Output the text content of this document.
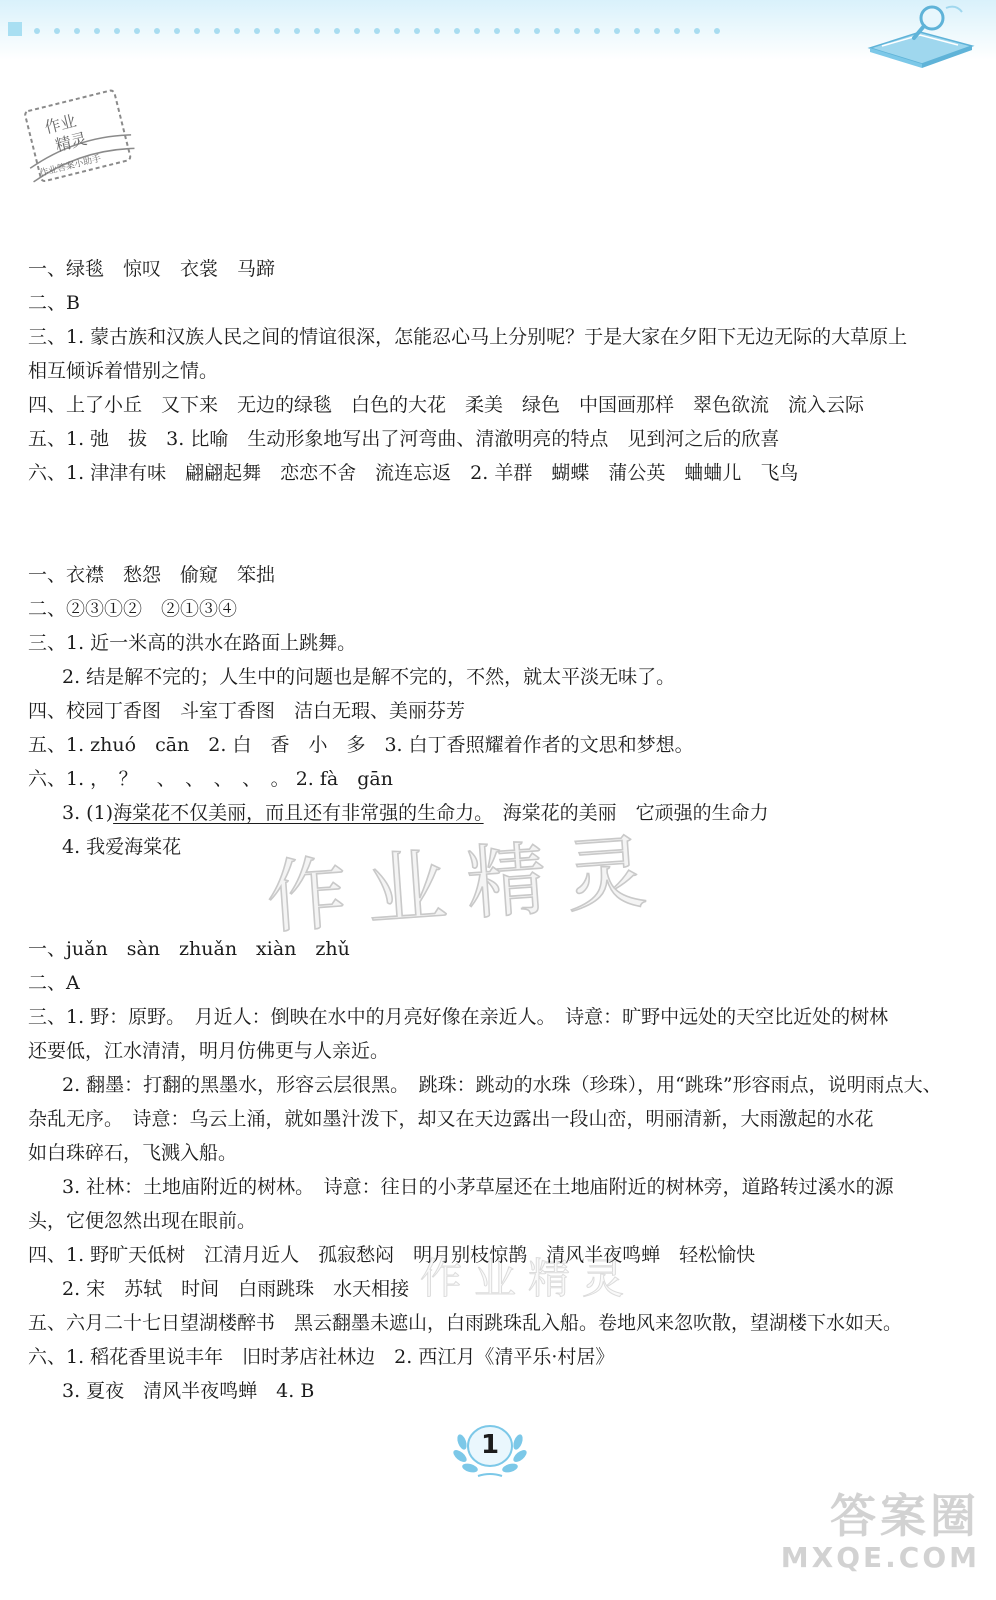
作业
精灵
作业答案小助手
作业精灵
作业精灵
一、绿毯　惊叹　衣裳　马蹄
二、B
三、1. 蒙古族和汉族人民之间的情谊很深，怎能忍心马上分别呢？于是大家在夕阳下无边无际的大草原上
相互倾诉着惜别之情。
四、上了小丘　又下来　无边的绿毯　白色的大花　柔美　绿色　中国画那样　翠色欲流　流入云际
五、1. 弛　拔　3. 比喻　生动形象地写出了河弯曲、清澈明亮的特点　见到河之后的欣喜
六、1. 津津有味　翩翩起舞　恋恋不舍　流连忘返　2. 羊群　蝴蝶　蒲公英　蛐蛐儿　飞鸟
一、衣襟　愁怨　偷窥　笨拙
二、②③①②　②①③④
三、1. 近一米高的洪水在路面上跳舞。
2. 结是解不完的；人生中的问题也是解不完的，不然，就太平淡无味了。
四、校园丁香图　斗室丁香图　洁白无瑕、美丽芬芳
五、1. zhuó　cān　2. 白　香　小　多　3. 白丁香照耀着作者的文思和梦想。
六、1. ，　？　、　、　、　、　。 2. fà　gān
3. (1)海棠花不仅美丽，而且还有非常强的生命力。　海棠花的美丽　它顽强的生命力
4. 我爱海棠花
一、juǎn　sàn　zhuǎn　xiàn　zhǔ
二、A
三、1. 野：原野。　月近人：倒映在水中的月亮好像在亲近人。　诗意：旷野中远处的天空比近处的树林
还要低，江水清清，明月仿佛更与人亲近。
2. 翻墨：打翻的黑墨水，形容云层很黑。　跳珠：跳动的水珠（珍珠），用“跳珠”形容雨点，说明雨点大、
杂乱无序。　诗意：乌云上涌，就如墨汁泼下，却又在天边露出一段山峦，明丽清新，大雨激起的水花
如白珠碎石，飞溅入船。
3. 社林：土地庙附近的树林。　诗意：往日的小茅草屋还在土地庙附近的树林旁，道路转过溪水的源
头，它便忽然出现在眼前。
四、1. 野旷天低树　江清月近人　孤寂愁闷　明月别枝惊鹊　清风半夜鸣蝉　轻松愉快
2. 宋　苏轼　时间　白雨跳珠　水天相接
五、六月二十七日望湖楼醉书　黑云翻墨未遮山，白雨跳珠乱入船。卷地风来忽吹散，望湖楼下水如天。
六、1. 稻花香里说丰年　旧时茅店社林边　2. 西江月《清平乐·村居》
3. 夏夜　清风半夜鸣蝉　4. B
1
答案圈
MXQE.COM
